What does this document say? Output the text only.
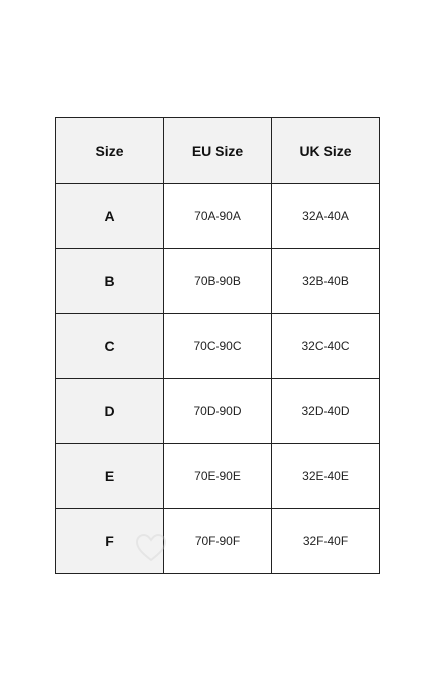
Size	EU Size	UK Size
A	70A-90A	32A-40A
B	70B-90B	32B-40B
C	70C-90C	32C-40C
D	70D-90D	32D-40D
E	70E-90E	32E-40E
F	70F-90F	32F-40F
